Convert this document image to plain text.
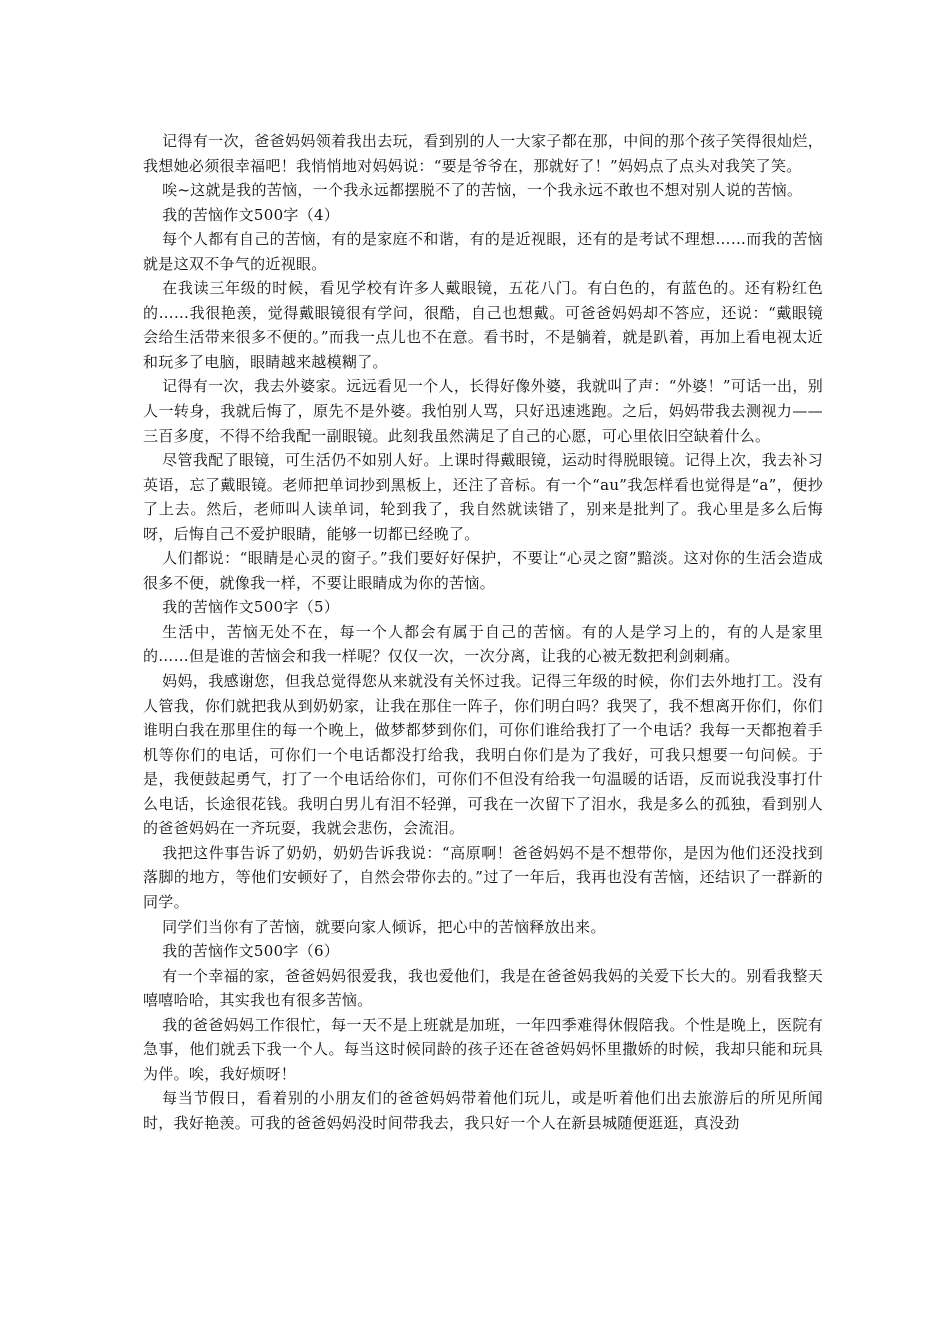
记得有一次，爸爸妈妈领着我出去玩，看到别的人一大家子都在那，中间的那个孩子笑得很灿烂，我想她必须很幸福吧！我悄悄地对妈妈说：“要是爷爷在，那就好了！”妈妈点了点头对我笑了笑。

唉~这就是我的苦恼，一个我永远都摆脱不了的苦恼，一个我永远不敢也不想对别人说的苦恼。

我的苦恼作文500字（4）

每个人都有自己的苦恼，有的是家庭不和谐，有的是近视眼，还有的是考试不理想……而我的苦恼就是这双不争气的近视眼。

在我读三年级的时候，看见学校有许多人戴眼镜，五花八门。有白色的，有蓝色的。还有粉红色的……我很艳羡，觉得戴眼镜很有学问，很酷，自己也想戴。可爸爸妈妈却不答应，还说：“戴眼镜会给生活带来很多不便的。”而我一点儿也不在意。看书时，不是躺着，就是趴着，再加上看电视太近和玩多了电脑，眼睛越来越模糊了。

记得有一次，我去外婆家。远远看见一个人，长得好像外婆，我就叫了声：“外婆！”可话一出，别人一转身，我就后悔了，原先不是外婆。我怕别人骂，只好迅速逃跑。之后，妈妈带我去测视力——三百多度，不得不给我配一副眼镜。此刻我虽然满足了自己的心愿，可心里依旧空缺着什么。

尽管我配了眼镜，可生活仍不如别人好。上课时得戴眼镜，运动时得脱眼镜。记得上次，我去补习英语，忘了戴眼镜。老师把单词抄到黑板上，还注了音标。有一个“au”我怎样看也觉得是“a”，便抄了上去。然后，老师叫人读单词，轮到我了，我自然就读错了，别来是批判了。我心里是多么后悔呀，后悔自己不爱护眼睛，能够一切都已经晚了。

人们都说：“眼睛是心灵的窗子。”我们要好好保护，不要让“心灵之窗”黯淡。这对你的生活会造成很多不便，就像我一样，不要让眼睛成为你的苦恼。

我的苦恼作文500字（5）

生活中，苦恼无处不在，每一个人都会有属于自己的苦恼。有的人是学习上的，有的人是家里的……但是谁的苦恼会和我一样呢？仅仅一次，一次分离，让我的心被无数把利剑刺痛。

妈妈，我感谢您，但我总觉得您从来就没有关怀过我。记得三年级的时候，你们去外地打工。没有人管我，你们就把我从到奶奶家，让我在那住一阵子，你们明白吗？我哭了，我不想离开你们，你们谁明白我在那里住的每一个晚上，做梦都梦到你们，可你们谁给我打了一个电话？我每一天都抱着手机等你们的电话，可你们一个电话都没打给我，我明白你们是为了我好，可我只想要一句问候。于是，我便鼓起勇气，打了一个电话给你们，可你们不但没有给我一句温暖的话语，反而说我没事打什么电话，长途很花钱。我明白男儿有泪不轻弹，可我在一次留下了泪水，我是多么的孤独，看到别人的爸爸妈妈在一齐玩耍，我就会悲伤，会流泪。

我把这件事告诉了奶奶，奶奶告诉我说：“高原啊！爸爸妈妈不是不想带你，是因为他们还没找到落脚的地方，等他们安顿好了，自然会带你去的。”过了一年后，我再也没有苦恼，还结识了一群新的同学。

同学们当你有了苦恼，就要向家人倾诉，把心中的苦恼释放出来。

我的苦恼作文500字（6）

有一个幸福的家，爸爸妈妈很爱我，我也爱他们，我是在爸爸妈我妈的关爱下长大的。别看我整天嘻嘻哈哈，其实我也有很多苦恼。

我的爸爸妈妈工作很忙，每一天不是上班就是加班，一年四季难得休假陪我。个性是晚上，医院有急事，他们就丢下我一个人。每当这时候同龄的孩子还在爸爸妈妈怀里撒娇的时候，我却只能和玩具为伴。唉，我好烦呀！

每当节假日，看着别的小朋友们的爸爸妈妈带着他们玩儿，或是听着他们出去旅游后的所见所闻时，我好艳羡。可我的爸爸妈妈没时间带我去，我只好一个人在新县城随便逛逛，真没劲
